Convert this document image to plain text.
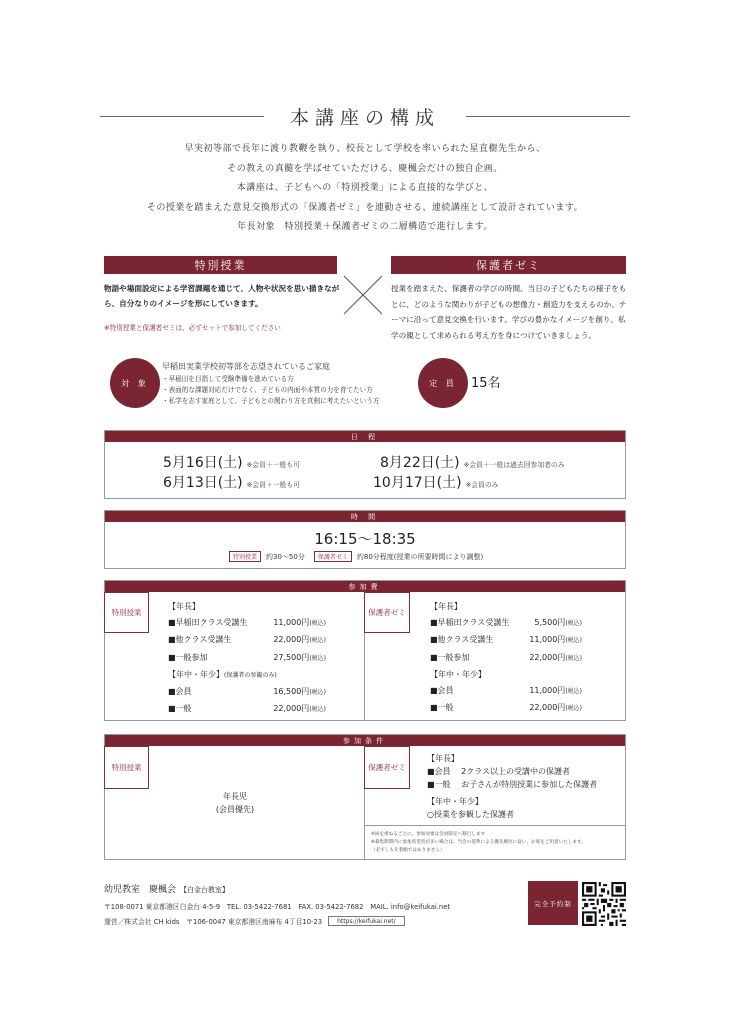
本講座の構成
早実初等部で長年に渡り教鞭を執り、校長として学校を率いられた星直樹先生から、
その教えの真髄を学ばせていただける、慶楓会だけの独自企画。
本講座は、子どもへの「特別授業」による直接的な学びと、
その授業を踏まえた意見交換形式の「保護者ゼミ」を連動させる、連続講座として設計されています。
年長対象　特別授業＋保護者ゼミの二層構造で進行します。
特別授業
物語や場面設定による学習課題を通じて、人物や状況を思い描きながら、自分なりのイメージを形にしていきます。
※特別授業と保護者ゼミは、必ずセットで参加してください
保護者ゼミ
授業を踏まえた、保護者の学びの時間。当日の子どもたちの様子をもとに、どのような関わりが子どもの想像力・創造力を支えるのか、テーマに沿って意見交換を行います。学びの豊かなイメージを創り、私学の親として求められる考え方を身につけていきましょう。
対 象
早稲田実業学校初等部を志望されているご家庭
・早稲田を目指して受験準備を進めている方
・表面的な課題対応だけでなく、子どもの内面や本質の力を育てたい方
・私学を志す家庭として、子どもとの関わり方を真剣に考えたいという方
定 員	15名
日 程
5月16日(土) ※会員＋一般も可	8月22日(土) ※会員＋一般は過去回参加者のみ
6月13日(土) ※会員＋一般も可	10月17日(土) ※会員のみ
時 間
16:15〜18:35
特別授業	約30〜50分	保護者ゼミ	約80分程度(授業の所要時間により調整)
参加費
特別授業	保護者ゼミ
【年長】
■早稲田クラス受講生	11,000円(税込)
■他クラス受講生	22,000円(税込)
■一般参加	27,500円(税込)
【年中・年少】(保護者の参観のみ)
■会員	16,500円(税込)
■一般	22,000円(税込)
【年長】
■早稲田クラス受講生	5,500円(税込)
■他クラス受講生	11,000円(税込)
■一般参加	22,000円(税込)
【年中・年少】
■会員	11,000円(税込)
■一般	22,000円(税込)
参加条件
特別授業	保護者ゼミ
年長児
(会員優先)
【年長】
■会員　 2クラス以上の受講中の保護者
■一般　 お子さんが特別授業に参加した保護者
【年中・年少】
○授業を参観した保護者
※回を重ねるごとに、参加対象は会員限定へ移行します
※募集期間内に参加希望者が多い場合は、当会の基準による優先順位に従い、お席をご用意いたします。
（必ずしも先着順ではありません）
幼児教室　慶楓会 【白金台教室】
〒108-0071 東京都港区白金台 4-5-9　TEL. 03-5422-7681　FAX. 03-5422-7682　MAIL. info@keifukai.net
運営／株式会社 CH kids　〒106-0047 東京都港区南麻布 4丁目10-23	https://keifukai.net/
完全予約制
